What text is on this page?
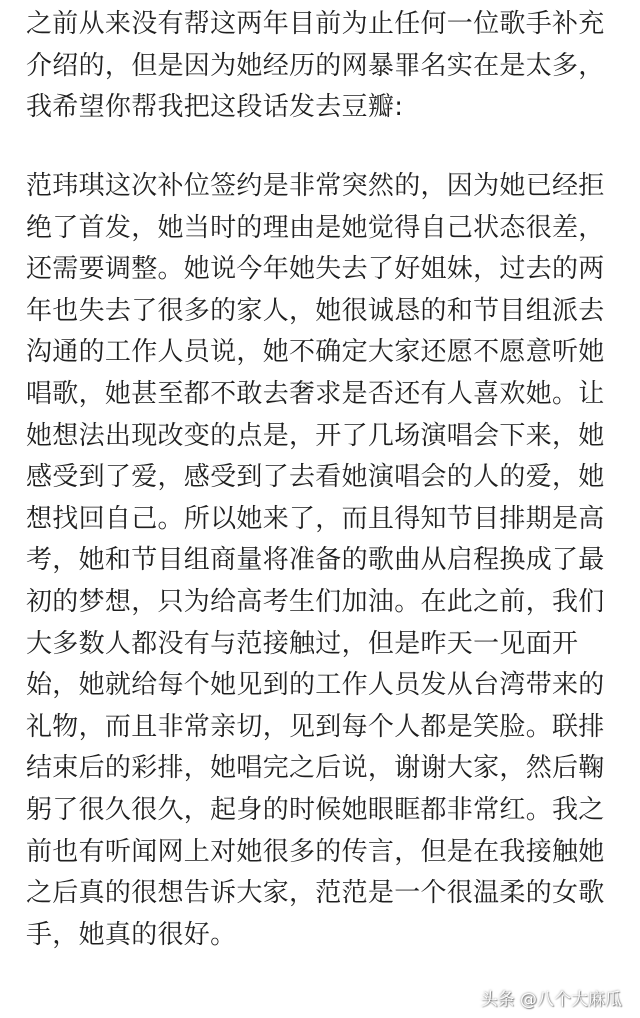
之前从来没有帮这两年目前为止任何一位歌手补充
介绍的，但是因为她经历的网暴罪名实在是太多，
我希望你帮我把这段话发去豆瓣:
范玮琪这次补位签约是非常突然的，因为她已经拒
绝了首发，她当时的理由是她觉得自己状态很差，
还需要调整。她说今年她失去了好姐妹，过去的两
年也失去了很多的家人，她很诚恳的和节目组派去
沟通的工作人员说，她不确定大家还愿不愿意听她
唱歌，她甚至都不敢去奢求是否还有人喜欢她。让
她想法出现改变的点是，开了几场演唱会下来，她
感受到了爱，感受到了去看她演唱会的人的爱，她
想找回自己。所以她来了，而且得知节目排期是高
考，她和节目组商量将准备的歌曲从启程换成了最
初的梦想，只为给高考生们加油。在此之前，我们
大多数人都没有与范接触过，但是昨天一见面开
始，她就给每个她见到的工作人员发从台湾带来的
礼物，而且非常亲切，见到每个人都是笑脸。联排
结束后的彩排，她唱完之后说，谢谢大家，然后鞠
躬了很久很久，起身的时候她眼眶都非常红。我之
前也有听闻网上对她很多的传言，但是在我接触她
之后真的很想告诉大家，范范是一个很温柔的女歌
手，她真的很好。
头条 @八个大麻瓜
